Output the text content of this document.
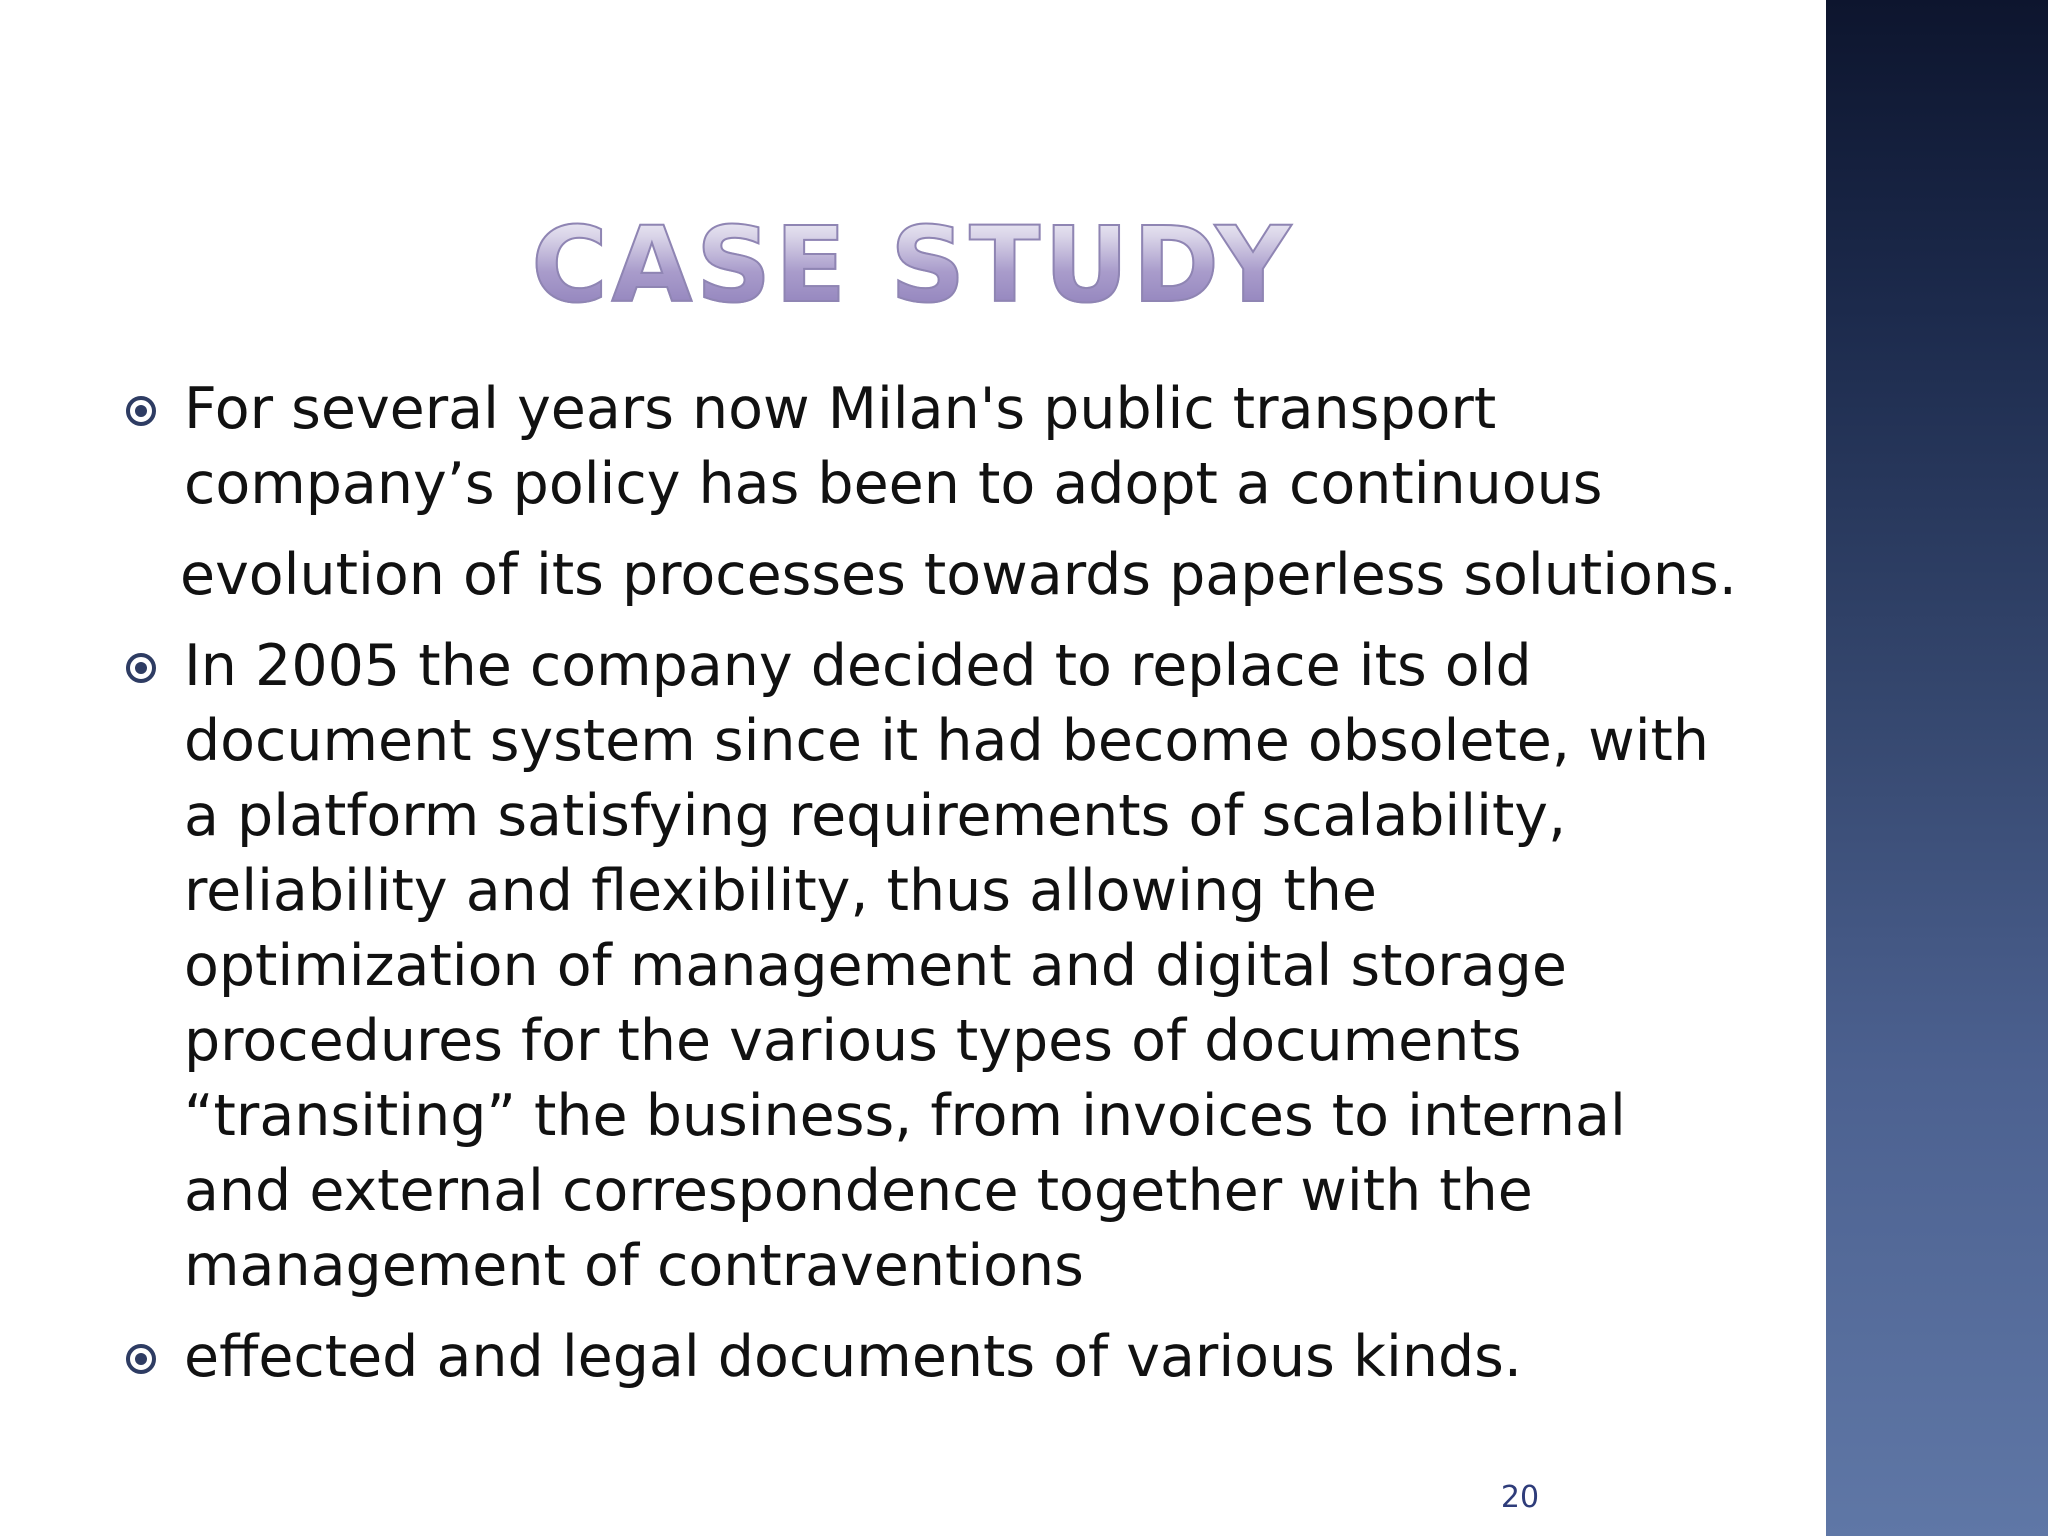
CASE STUDY

For several years now Milan's public transport company’s policy has been to adopt a continuous

evolution of its processes towards paperless solutions.

In 2005 the company decided to replace its old document system since it had become obsolete, with a platform satisfying requirements of scalability, reliability and flexibility, thus allowing the optimization of management and digital storage procedures for the various types of documents “transiting” the business, from invoices to internal and external correspondence together with the management of contraventions

effected and legal documents of various kinds.

20
